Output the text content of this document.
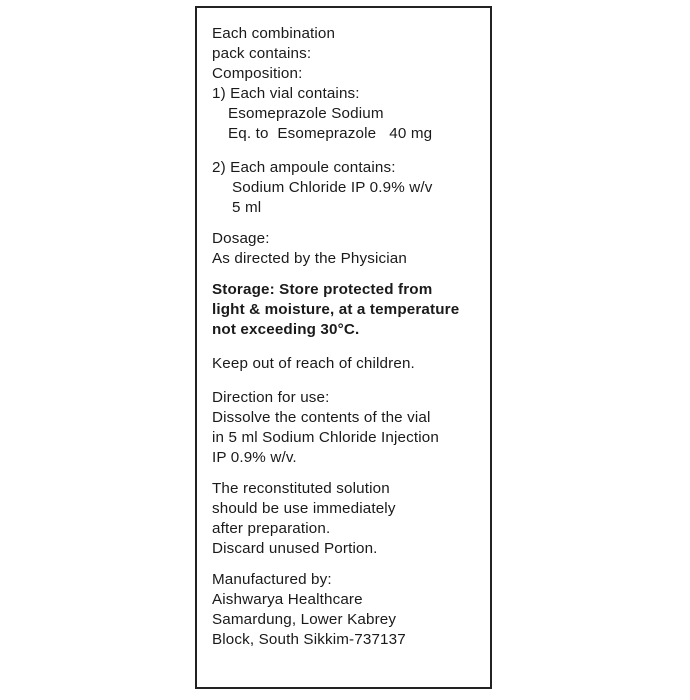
Each combination
pack contains:
Composition:
1) Each vial contains:
Esomeprazole Sodium
Eq. to  Esomeprazole   40 mg
2) Each ampoule contains:
Sodium Chloride IP 0.9% w/v
5 ml
Dosage:
As directed by the Physician
Storage: Store protected from
light & moisture, at a temperature
not exceeding 30°C.
Keep out of reach of children.
Direction for use:
Dissolve the contents of the vial
in 5 ml Sodium Chloride Injection
IP 0.9% w/v.
The reconstituted solution
should be use immediately
after preparation.
Discard unused Portion.
Manufactured by:
Aishwarya Healthcare
Samardung, Lower Kabrey
Block, South Sikkim-737137
